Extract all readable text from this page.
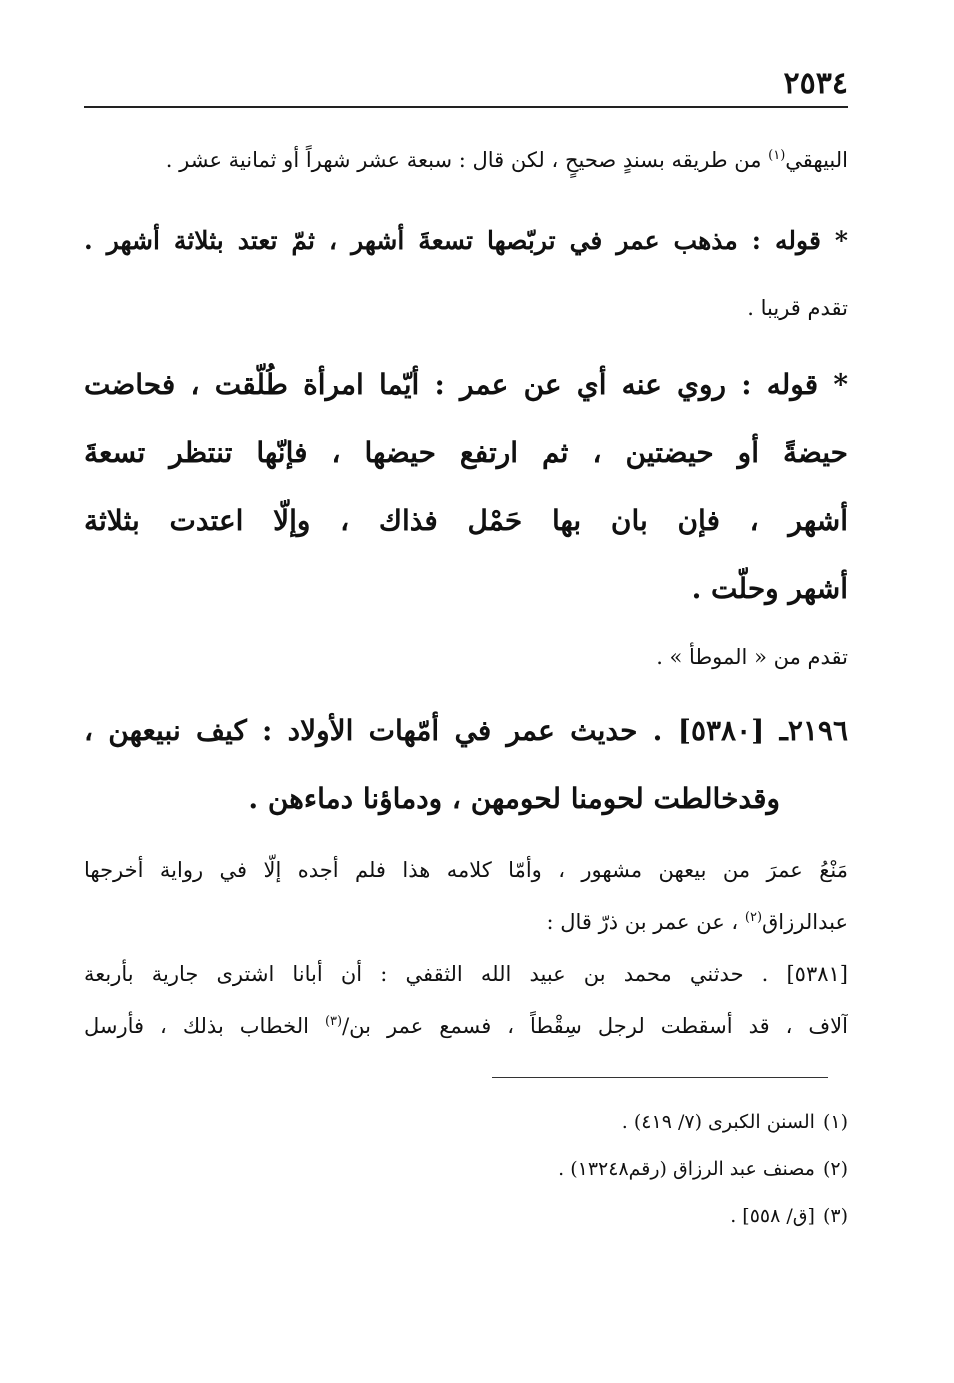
٢٥٣٤
البيهقي$^{(١)}$ من طريقه بسندٍ صحيحٍ ، لكن قال : سبعة عشر شهراً أو ثمانية عشر .
* قوله : مذهب عمر في تربّصها تسعةَ أشهر ، ثمّ تعتد بثلاثة أشهر .
تقدم قريبا .
* قوله : روي عنه أي عن عمر : أيّما امرأة طُلّقت ، فحاضت
حيضةً أو حيضتين ، ثم ارتفع حيضها ، فإنّها تنتظر تسعةَ
أشهر ، فإن بان بها حَمْل فذاك ، وإلّا اعتدت بثلاثة
أشهر وحلّت .
تقدم من « الموطأ » .
٢١٩٦ـ [٥٣٨٠] . حديث عمر في أمّهات الأولاد : كيف نبيعهن ،
وقدخالطت لحومنا لحومهن ، ودماؤنا دماءهن .
مَنْعُ عمرَ من بيعهن مشهور ، وأمّا كلامه هذا فلم أجده إلّا في رواية أخرجها
عبدالرزاق$^{(٢)}$ ، عن عمر بن ذرّ قال :
[٥٣٨١] . حدثني محمد بن عبيد الله الثقفي : أن أبانا اشترى جارية بأربعة
آلاف ، قد أسقطت لرجل سِقْطاً ، فسمع عمر بن/$^{(٣)}$ الخطاب بذلك ، فأرسل
(١)السنن الكبرى (٧/ ٤١٩) .
(٢)مصنف عبد الرزاق (رقم١٣٢٤٨) .
(٣)[ق/ ٥٥٨] .
